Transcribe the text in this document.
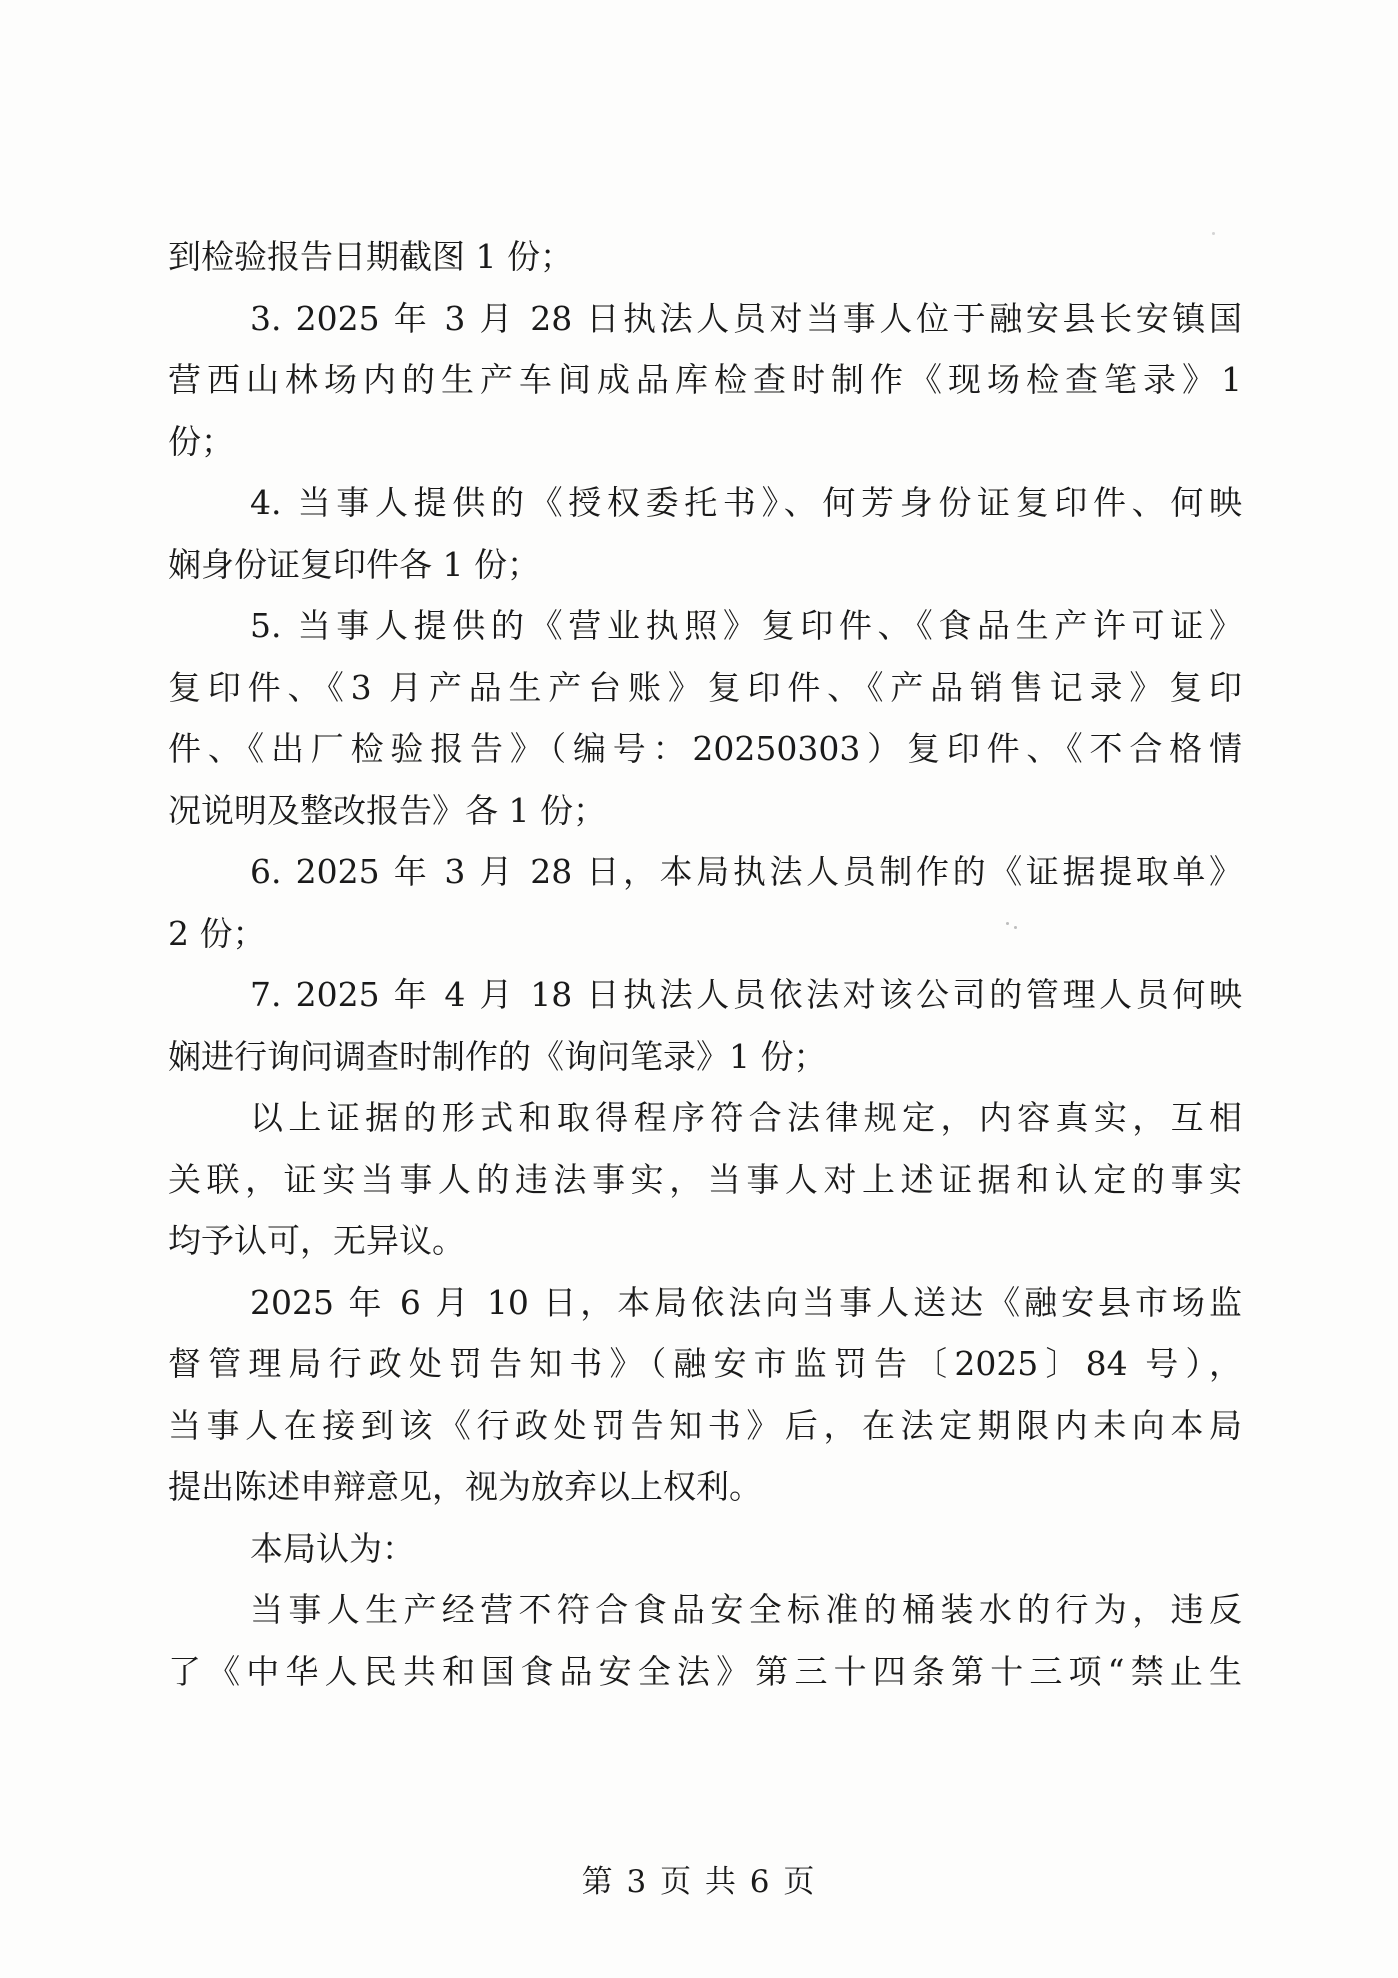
到检验报告日期截图 1 份；
3. 2025 年 3 月 28 日执法人员对当事人位于融安县长安镇国
营西山林场内的生产车间成品库检查时制作《现场检查笔录》1
份；
4. 当事人提供的《授权委托书》、何芳身份证复印件、何映
娴身份证复印件各 1 份；
5. 当事人提供的《营业执照》复印件、《食品生产许可证》
复印件、《3 月产品生产台账》复印件、《产品销售记录》复印
件、《出厂检验报告》（编号：20250303）复印件、《不合格情
况说明及整改报告》各 1 份；
6. 2025 年 3 月 28 日，本局执法人员制作的《证据提取单》
2 份；
7. 2025 年 4 月 18 日执法人员依法对该公司的管理人员何映
娴进行询问调查时制作的《询问笔录》1 份；
以上证据的形式和取得程序符合法律规定，内容真实，互相
关联，证实当事人的违法事实，当事人对上述证据和认定的事实
均予认可，无异议。
2025 年 6 月 10 日，本局依法向当事人送达《融安县市场监
督管理局行政处罚告知书》（融安市监罚告〔2025〕84 号），
当事人在接到该《行政处罚告知书》后，在法定期限内未向本局
提出陈述申辩意见，视为放弃以上权利。
本局认为：
当事人生产经营不符合食品安全标准的桶装水的行为，违反
了《中华人民共和国食品安全法》第三十四条第十三项“禁止生
第 3 页 共 6 页
